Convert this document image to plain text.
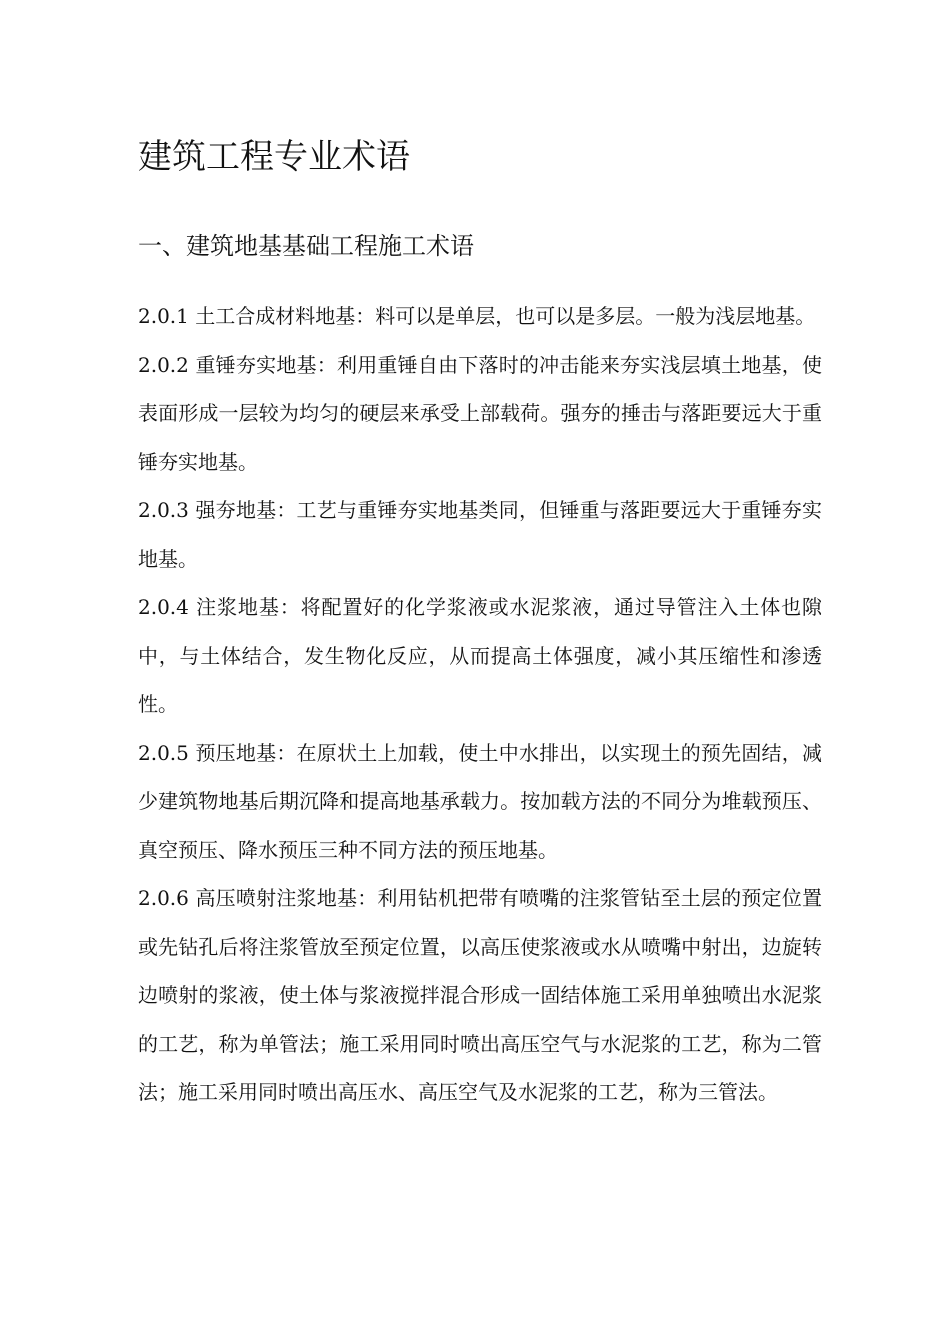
建筑工程专业术语
一、建筑地基基础工程施工术语

2.0.1 土工合成材料地基：料可以是单层，也可以是多层。一般为浅层地基。

2.0.2 重锤夯实地基：利用重锤自由下落时的冲击能来夯实浅层填土地基，使表面形成一层较为均匀的硬层来承受上部载荷。强夯的捶击与落距要远大于重锤夯实地基。

2.0.3 强夯地基：工艺与重锤夯实地基类同，但锤重与落距要远大于重锤夯实地基。

2.0.4 注浆地基：将配置好的化学浆液或水泥浆液，通过导管注入土体也隙中，与土体结合，发生物化反应，从而提高土体强度，减小其压缩性和渗透性。

2.0.5 预压地基：在原状土上加载，使土中水排出，以实现土的预先固结，减少建筑物地基后期沉降和提高地基承载力。按加载方法的不同分为堆载预压、真空预压、降水预压三种不同方法的预压地基。

2.0.6 高压喷射注浆地基：利用钻机把带有喷嘴的注浆管钻至土层的预定位置或先钻孔后将注浆管放至预定位置，以高压使浆液或水从喷嘴中射出，边旋转边喷射的浆液，使土体与浆液搅拌混合形成一固结体施工采用单独喷出水泥浆的工艺，称为单管法；施工采用同时喷出高压空气与水泥浆的工艺，称为二管法；施工采用同时喷出高压水、高压空气及水泥浆的工艺，称为三管法。
